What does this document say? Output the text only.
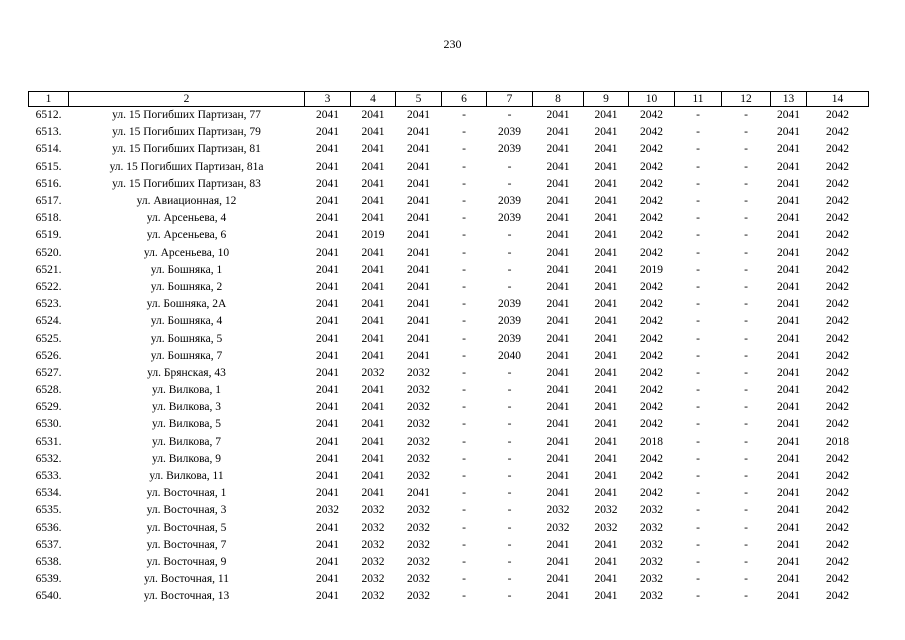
230
1	2	3	4	5	6	7	8	9	10	11	12	13	14
6512.	ул. 15 Погибших Партизан, 77	2041	2041	2041	-	-	2041	2041	2042	-	-	2041	2042
6513.	ул. 15 Погибших Партизан, 79	2041	2041	2041	-	2039	2041	2041	2042	-	-	2041	2042
6514.	ул. 15 Погибших Партизан, 81	2041	2041	2041	-	2039	2041	2041	2042	-	-	2041	2042
6515.	ул. 15 Погибших Партизан, 81а	2041	2041	2041	-	-	2041	2041	2042	-	-	2041	2042
6516.	ул. 15 Погибших Партизан, 83	2041	2041	2041	-	-	2041	2041	2042	-	-	2041	2042
6517.	ул. Авиационная, 12	2041	2041	2041	-	2039	2041	2041	2042	-	-	2041	2042
6518.	ул. Арсеньева, 4	2041	2041	2041	-	2039	2041	2041	2042	-	-	2041	2042
6519.	ул. Арсеньева, 6	2041	2019	2041	-	-	2041	2041	2042	-	-	2041	2042
6520.	ул. Арсеньева, 10	2041	2041	2041	-	-	2041	2041	2042	-	-	2041	2042
6521.	ул. Бошняка, 1	2041	2041	2041	-	-	2041	2041	2019	-	-	2041	2042
6522.	ул. Бошняка, 2	2041	2041	2041	-	-	2041	2041	2042	-	-	2041	2042
6523.	ул. Бошняка, 2А	2041	2041	2041	-	2039	2041	2041	2042	-	-	2041	2042
6524.	ул. Бошняка, 4	2041	2041	2041	-	2039	2041	2041	2042	-	-	2041	2042
6525.	ул. Бошняка, 5	2041	2041	2041	-	2039	2041	2041	2042	-	-	2041	2042
6526.	ул. Бошняка, 7	2041	2041	2041	-	2040	2041	2041	2042	-	-	2041	2042
6527.	ул. Брянская, 43	2041	2032	2032	-	-	2041	2041	2042	-	-	2041	2042
6528.	ул. Вилкова, 1	2041	2041	2032	-	-	2041	2041	2042	-	-	2041	2042
6529.	ул. Вилкова, 3	2041	2041	2032	-	-	2041	2041	2042	-	-	2041	2042
6530.	ул. Вилкова, 5	2041	2041	2032	-	-	2041	2041	2042	-	-	2041	2042
6531.	ул. Вилкова, 7	2041	2041	2032	-	-	2041	2041	2018	-	-	2041	2018
6532.	ул. Вилкова, 9	2041	2041	2032	-	-	2041	2041	2042	-	-	2041	2042
6533.	ул. Вилкова, 11	2041	2041	2032	-	-	2041	2041	2042	-	-	2041	2042
6534.	ул. Восточная, 1	2041	2041	2041	-	-	2041	2041	2042	-	-	2041	2042
6535.	ул. Восточная, 3	2032	2032	2032	-	-	2032	2032	2032	-	-	2041	2042
6536.	ул. Восточная, 5	2041	2032	2032	-	-	2032	2032	2032	-	-	2041	2042
6537.	ул. Восточная, 7	2041	2032	2032	-	-	2041	2041	2032	-	-	2041	2042
6538.	ул. Восточная, 9	2041	2032	2032	-	-	2041	2041	2032	-	-	2041	2042
6539.	ул. Восточная, 11	2041	2032	2032	-	-	2041	2041	2032	-	-	2041	2042
6540.	ул. Восточная, 13	2041	2032	2032	-	-	2041	2041	2032	-	-	2041	2042
